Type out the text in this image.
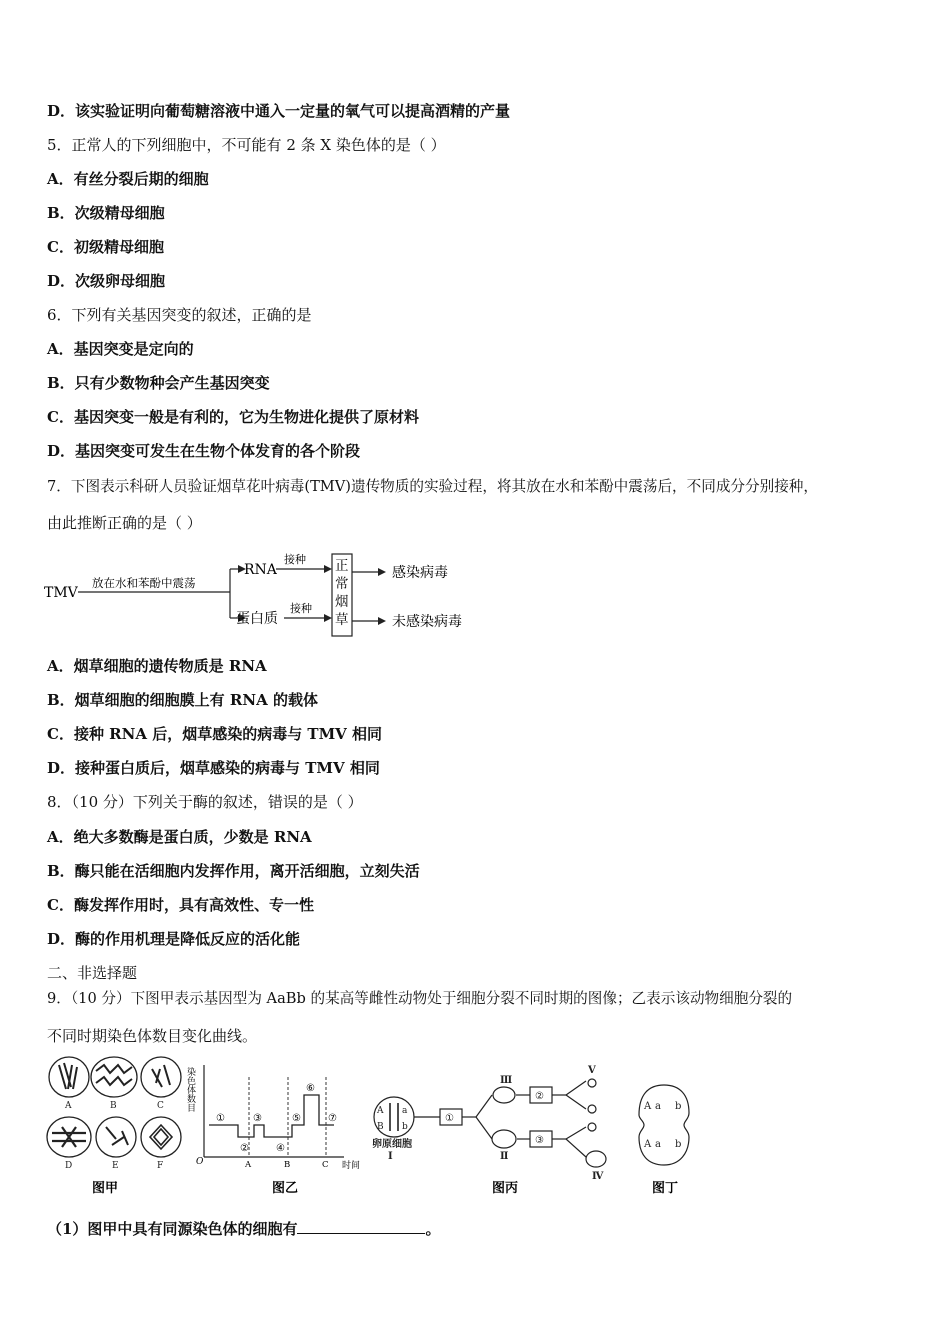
D．该实验证明向葡萄糖溶液中通入一定量的氧气可以提高酒精的产量
5．正常人的下列细胞中，不可能有 2 条 X 染色体的是（ ）
A．有丝分裂后期的细胞
B．次级精母细胞
C．初级精母细胞
D．次级卵母细胞
6．下列有关基因突变的叙述，正确的是
A．基因突变是定向的
B．只有少数物种会产生基因突变
C．基因突变一般是有利的，它为生物进化提供了原材料
D．基因突变可发生在生物个体发育的各个阶段
7．下图表示科研人员验证烟草花叶病毒(TMV)遗传物质的实验过程，将其放在水和苯酚中震荡后，不同成分分别接种，
由此推断正确的是（ ）
TMV
放在水和苯酚中震荡
RNA
蛋白质
接种
接种
正
常
烟
草
感染病毒
未感染病毒
A．烟草细胞的遗传物质是 RNA
B．烟草细胞的细胞膜上有 RNA 的载体
C．接种 RNA 后，烟草感染的病毒与 TMV 相同
D．接种蛋白质后，烟草感染的病毒与 TMV 相同
8．（10 分）下列关于酶的叙述，错误的是（ ）
A．绝大多数酶是蛋白质，少数是 RNA
B．酶只能在活细胞内发挥作用，离开活细胞，立刻失活
C．酶发挥作用时，具有高效性、专一性
D．酶的作用机理是降低反应的活化能
二、非选择题
9．（10 分）下图甲表示基因型为 AaBb 的某高等雌性动物处于细胞分裂不同时期的图像；乙表示该动物细胞分裂的
不同时期染色体数目变化曲线。
A	B	C
D	E	F
图甲
染色体数目
O	时间
A	B	C
①
②
③
④
⑤
⑥
⑦
图乙
A a
B b
卵原细胞
Ⅰ
①
②
③
Ⅱ
Ⅲ
Ⅳ
Ⅴ
图丙
A a b
A a b
图丁
（1）图甲中具有同源染色体的细胞有	。
